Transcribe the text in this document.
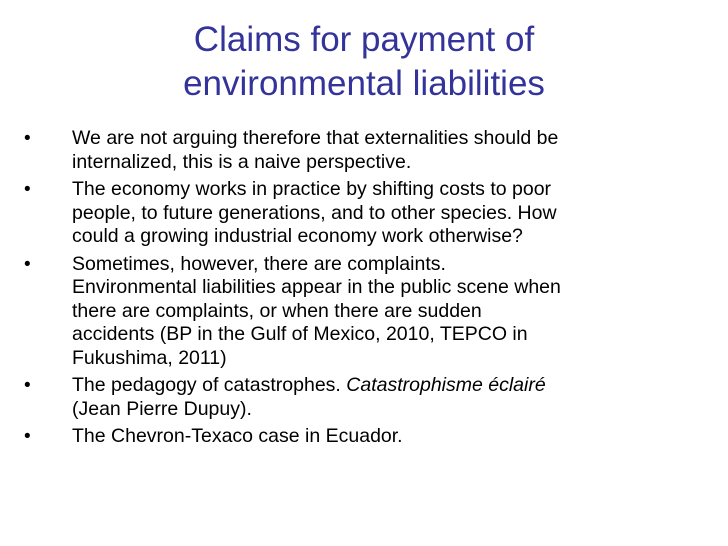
Claims for payment of
environmental liabilities
•	We are not arguing therefore that externalities should be
internalized, this is a naive perspective.
•	The economy works in practice by shifting costs to poor
people, to future generations, and to other species. How
could a growing industrial economy work otherwise?
•	Sometimes, however, there are complaints.
Environmental liabilities appear in the public scene when
there are complaints, or when there are sudden
accidents (BP in the Gulf of Mexico, 2010, TEPCO in
Fukushima, 2011)
•	The pedagogy of catastrophes. Catastrophisme éclairé
(Jean Pierre Dupuy).
•	The Chevron-Texaco case in Ecuador.
